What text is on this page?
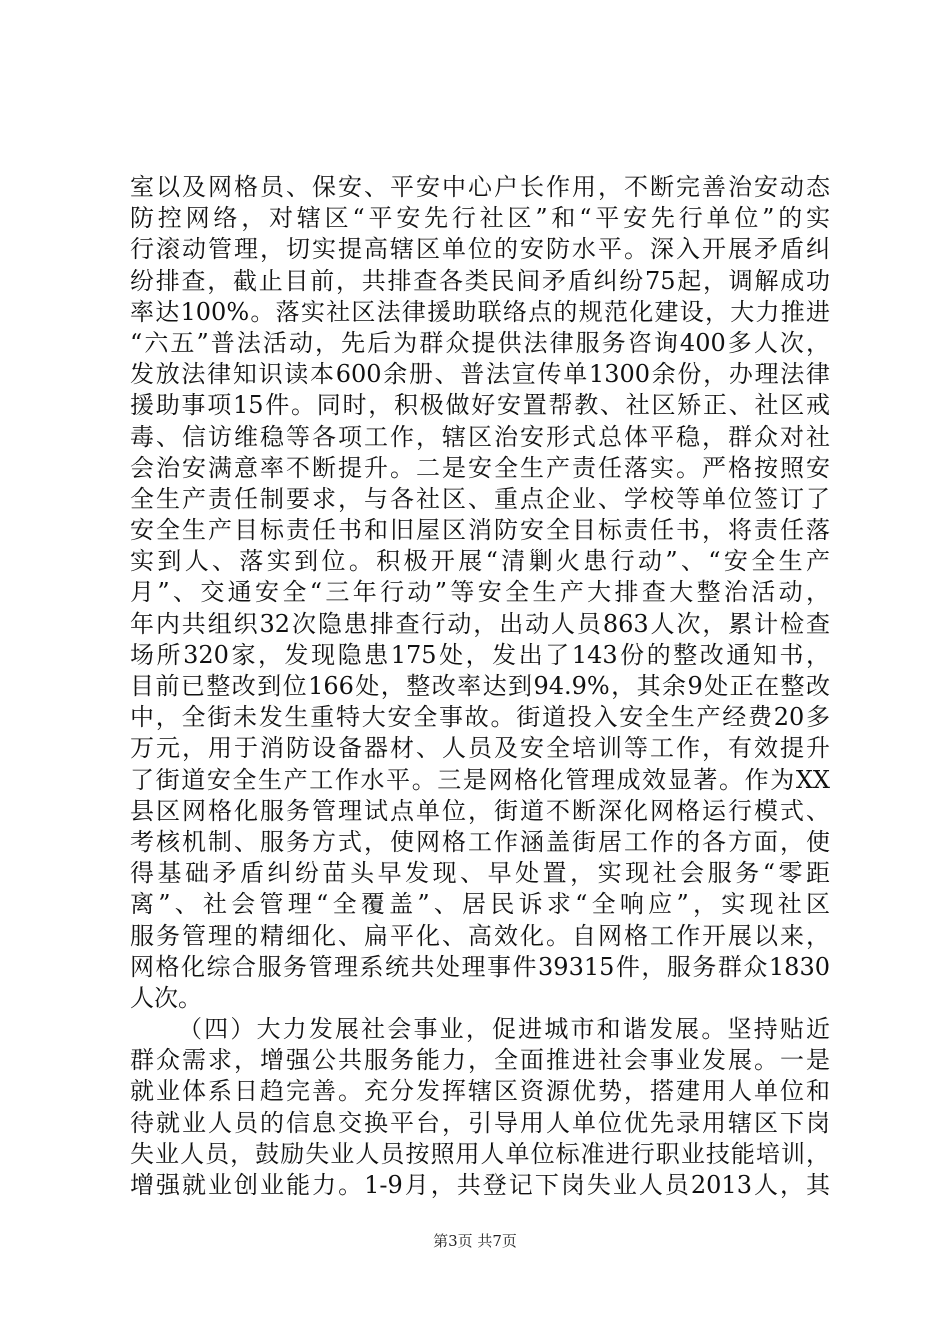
室以及网格员、保安、平安中心户长作用，不断完善治安动态
防控网络，对辖区“平安先行社区”和“平安先行单位”的实
行滚动管理，切实提高辖区单位的安防水平。深入开展矛盾纠
纷排查，截止目前，共排查各类民间矛盾纠纷75起，调解成功
率达100%。落实社区法律援助联络点的规范化建设，大力推进
“六五”普法活动，先后为群众提供法律服务咨询400多人次，
发放法律知识读本600余册、普法宣传单1300余份，办理法律
援助事项15件。同时，积极做好安置帮教、社区矫正、社区戒
毒、信访维稳等各项工作，辖区治安形式总体平稳，群众对社
会治安满意率不断提升。二是安全生产责任落实。严格按照安
全生产责任制要求，与各社区、重点企业、学校等单位签订了
安全生产目标责任书和旧屋区消防安全目标责任书，将责任落
实到人、落实到位。积极开展“清剿火患行动”、“安全生产
月”、交通安全“三年行动”等安全生产大排查大整治活动，
年内共组织32次隐患排查行动，出动人员863人次，累计检查
场所320家，发现隐患175处，发出了143份的整改通知书，
目前已整改到位166处，整改率达到94.9%，其余9处正在整改
中，全街未发生重特大安全事故。街道投入安全生产经费20多
万元，用于消防设备器材、人员及安全培训等工作，有效提升
了街道安全生产工作水平。三是网格化管理成效显著。作为XX
县区网格化服务管理试点单位，街道不断深化网格运行模式、
考核机制、服务方式，使网格工作涵盖街居工作的各方面，使
得基础矛盾纠纷苗头早发现、早处置，实现社会服务“零距
离”、社会管理“全覆盖”、居民诉求“全响应”，实现社区
服务管理的精细化、扁平化、高效化。自网格工作开展以来，
网格化综合服务管理系统共处理事件39315件，服务群众1830
人次。
（四）大力发展社会事业，促进城市和谐发展。坚持贴近
群众需求，增强公共服务能力，全面推进社会事业发展。一是
就业体系日趋完善。充分发挥辖区资源优势，搭建用人单位和
待就业人员的信息交换平台，引导用人单位优先录用辖区下岗
失业人员，鼓励失业人员按照用人单位标准进行职业技能培训，
增强就业创业能力。1-9月，共登记下岗失业人员2013人，其
第3页 共7页
